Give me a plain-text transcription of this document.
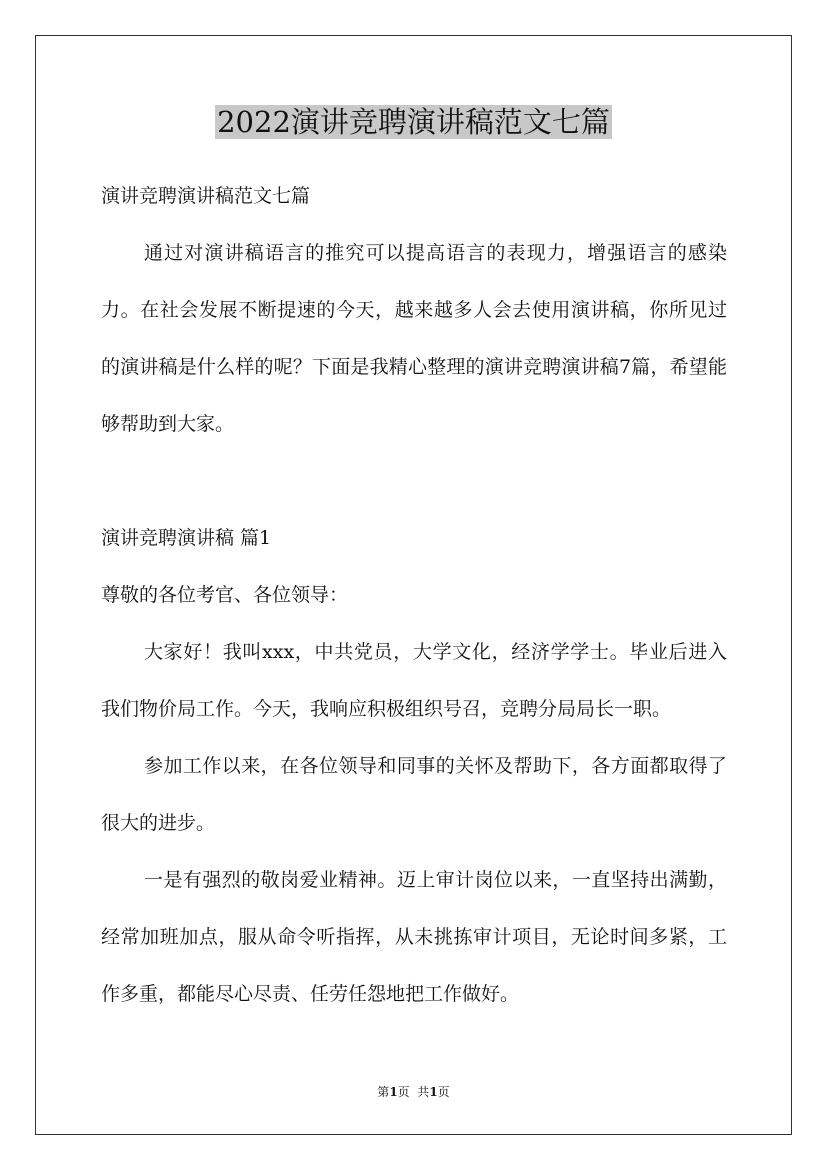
2022演讲竞聘演讲稿范文七篇

演讲竞聘演讲稿范文七篇

通过对演讲稿语言的推究可以提高语言的表现力，增强语言的感染力。在社会发展不断提速的今天，越来越多人会去使用演讲稿，你所见过的演讲稿是什么样的呢？下面是我精心整理的演讲竞聘演讲稿7篇，希望能够帮助到大家。

演讲竞聘演讲稿 篇1

尊敬的各位考官、各位领导：

大家好！我叫xxx，中共党员，大学文化，经济学学士。毕业后进入我们物价局工作。今天，我响应积极组织号召，竞聘分局局长一职。

参加工作以来，在各位领导和同事的关怀及帮助下，各方面都取得了很大的进步。

一是有强烈的敬岗爱业精神。迈上审计岗位以来，一直坚持出满勤，经常加班加点，服从命令听指挥，从未挑拣审计项目，无论时间多紧，工作多重，都能尽心尽责、任劳任怨地把工作做好。

第1页  共1页
